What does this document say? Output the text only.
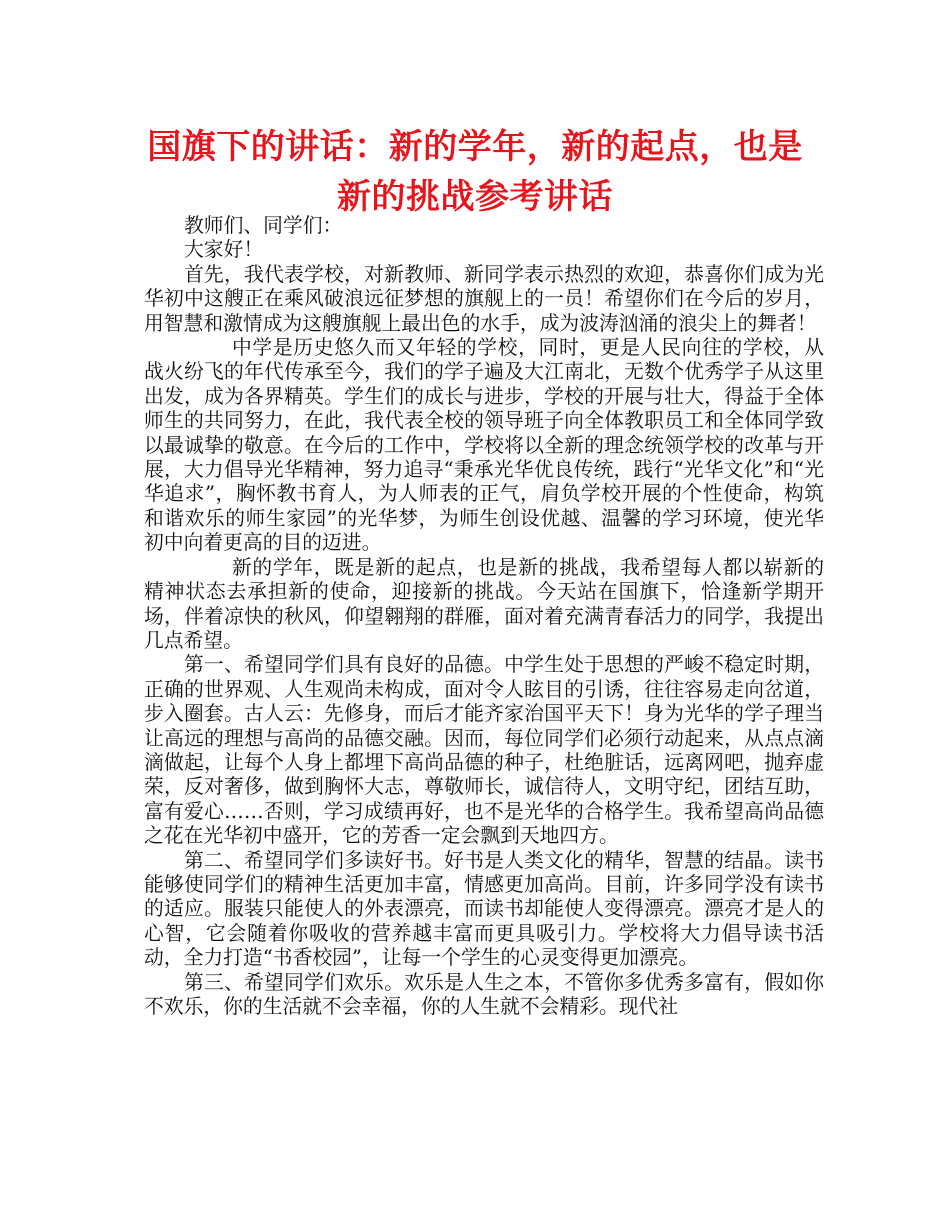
国旗下的讲话：新的学年，新的起点，也是新的挑战参考讲话

教师们、同学们：

大家好！

首先，我代表学校，对新教师、新同学表示热烈的欢迎，恭喜你们成为光华初中这艘正在乘风破浪远征梦想的旗舰上的一员！希望你们在今后的岁月，用智慧和激情成为这艘旗舰上最出色的水手，成为波涛汹涌的浪尖上的舞者！

中学是历史悠久而又年轻的学校，同时，更是人民向往的学校，从战火纷飞的年代传承至今，我们的学子遍及大江南北，无数个优秀学子从这里出发，成为各界精英。学生们的成长与进步，学校的开展与壮大，得益于全体师生的共同努力，在此，我代表全校的领导班子向全体教职员工和全体同学致以最诚挚的敬意。在今后的工作中，学校将以全新的理念统领学校的改革与开展，大力倡导光华精神，努力追寻“秉承光华优良传统，践行“光华文化”和“光华追求”，胸怀教书育人，为人师表的正气，肩负学校开展的个性使命，构筑和谐欢乐的师生家园”的光华梦，为师生创设优越、温馨的学习环境，使光华初中向着更高的目的迈进。

新的学年，既是新的起点，也是新的挑战，我希望每人都以崭新的精神状态去承担新的使命，迎接新的挑战。今天站在国旗下，恰逢新学期开场，伴着凉快的秋风，仰望翱翔的群雁，面对着充满青春活力的同学，我提出几点希望。

第一、希望同学们具有良好的品德。中学生处于思想的严峻不稳定时期，正确的世界观、人生观尚未构成，面对令人眩目的引诱，往往容易走向岔道，步入圈套。古人云：先修身，而后才能齐家治国平天下！身为光华的学子理当让高远的理想与高尚的品德交融。因而，每位同学们必须行动起来，从点点滴滴做起，让每个人身上都埋下高尚品德的种子，杜绝脏话，远离网吧，抛弃虚荣，反对奢侈，做到胸怀大志，尊敬师长，诚信待人，文明守纪，团结互助，富有爱心……否则，学习成绩再好，也不是光华的合格学生。我希望高尚品德之花在光华初中盛开，它的芳香一定会飘到天地四方。

第二、希望同学们多读好书。好书是人类文化的精华，智慧的结晶。读书能够使同学们的精神生活更加丰富，情感更加高尚。目前，许多同学没有读书的适应。服装只能使人的外表漂亮，而读书却能使人变得漂亮。漂亮才是人的心智，它会随着你吸收的营养越丰富而更具吸引力。学校将大力倡导读书活动，全力打造“书香校园”，让每一个学生的心灵变得更加漂亮。

第三、希望同学们欢乐。欢乐是人生之本，不管你多优秀多富有，假如你不欢乐，你的生活就不会幸福，你的人生就不会精彩。现代社
